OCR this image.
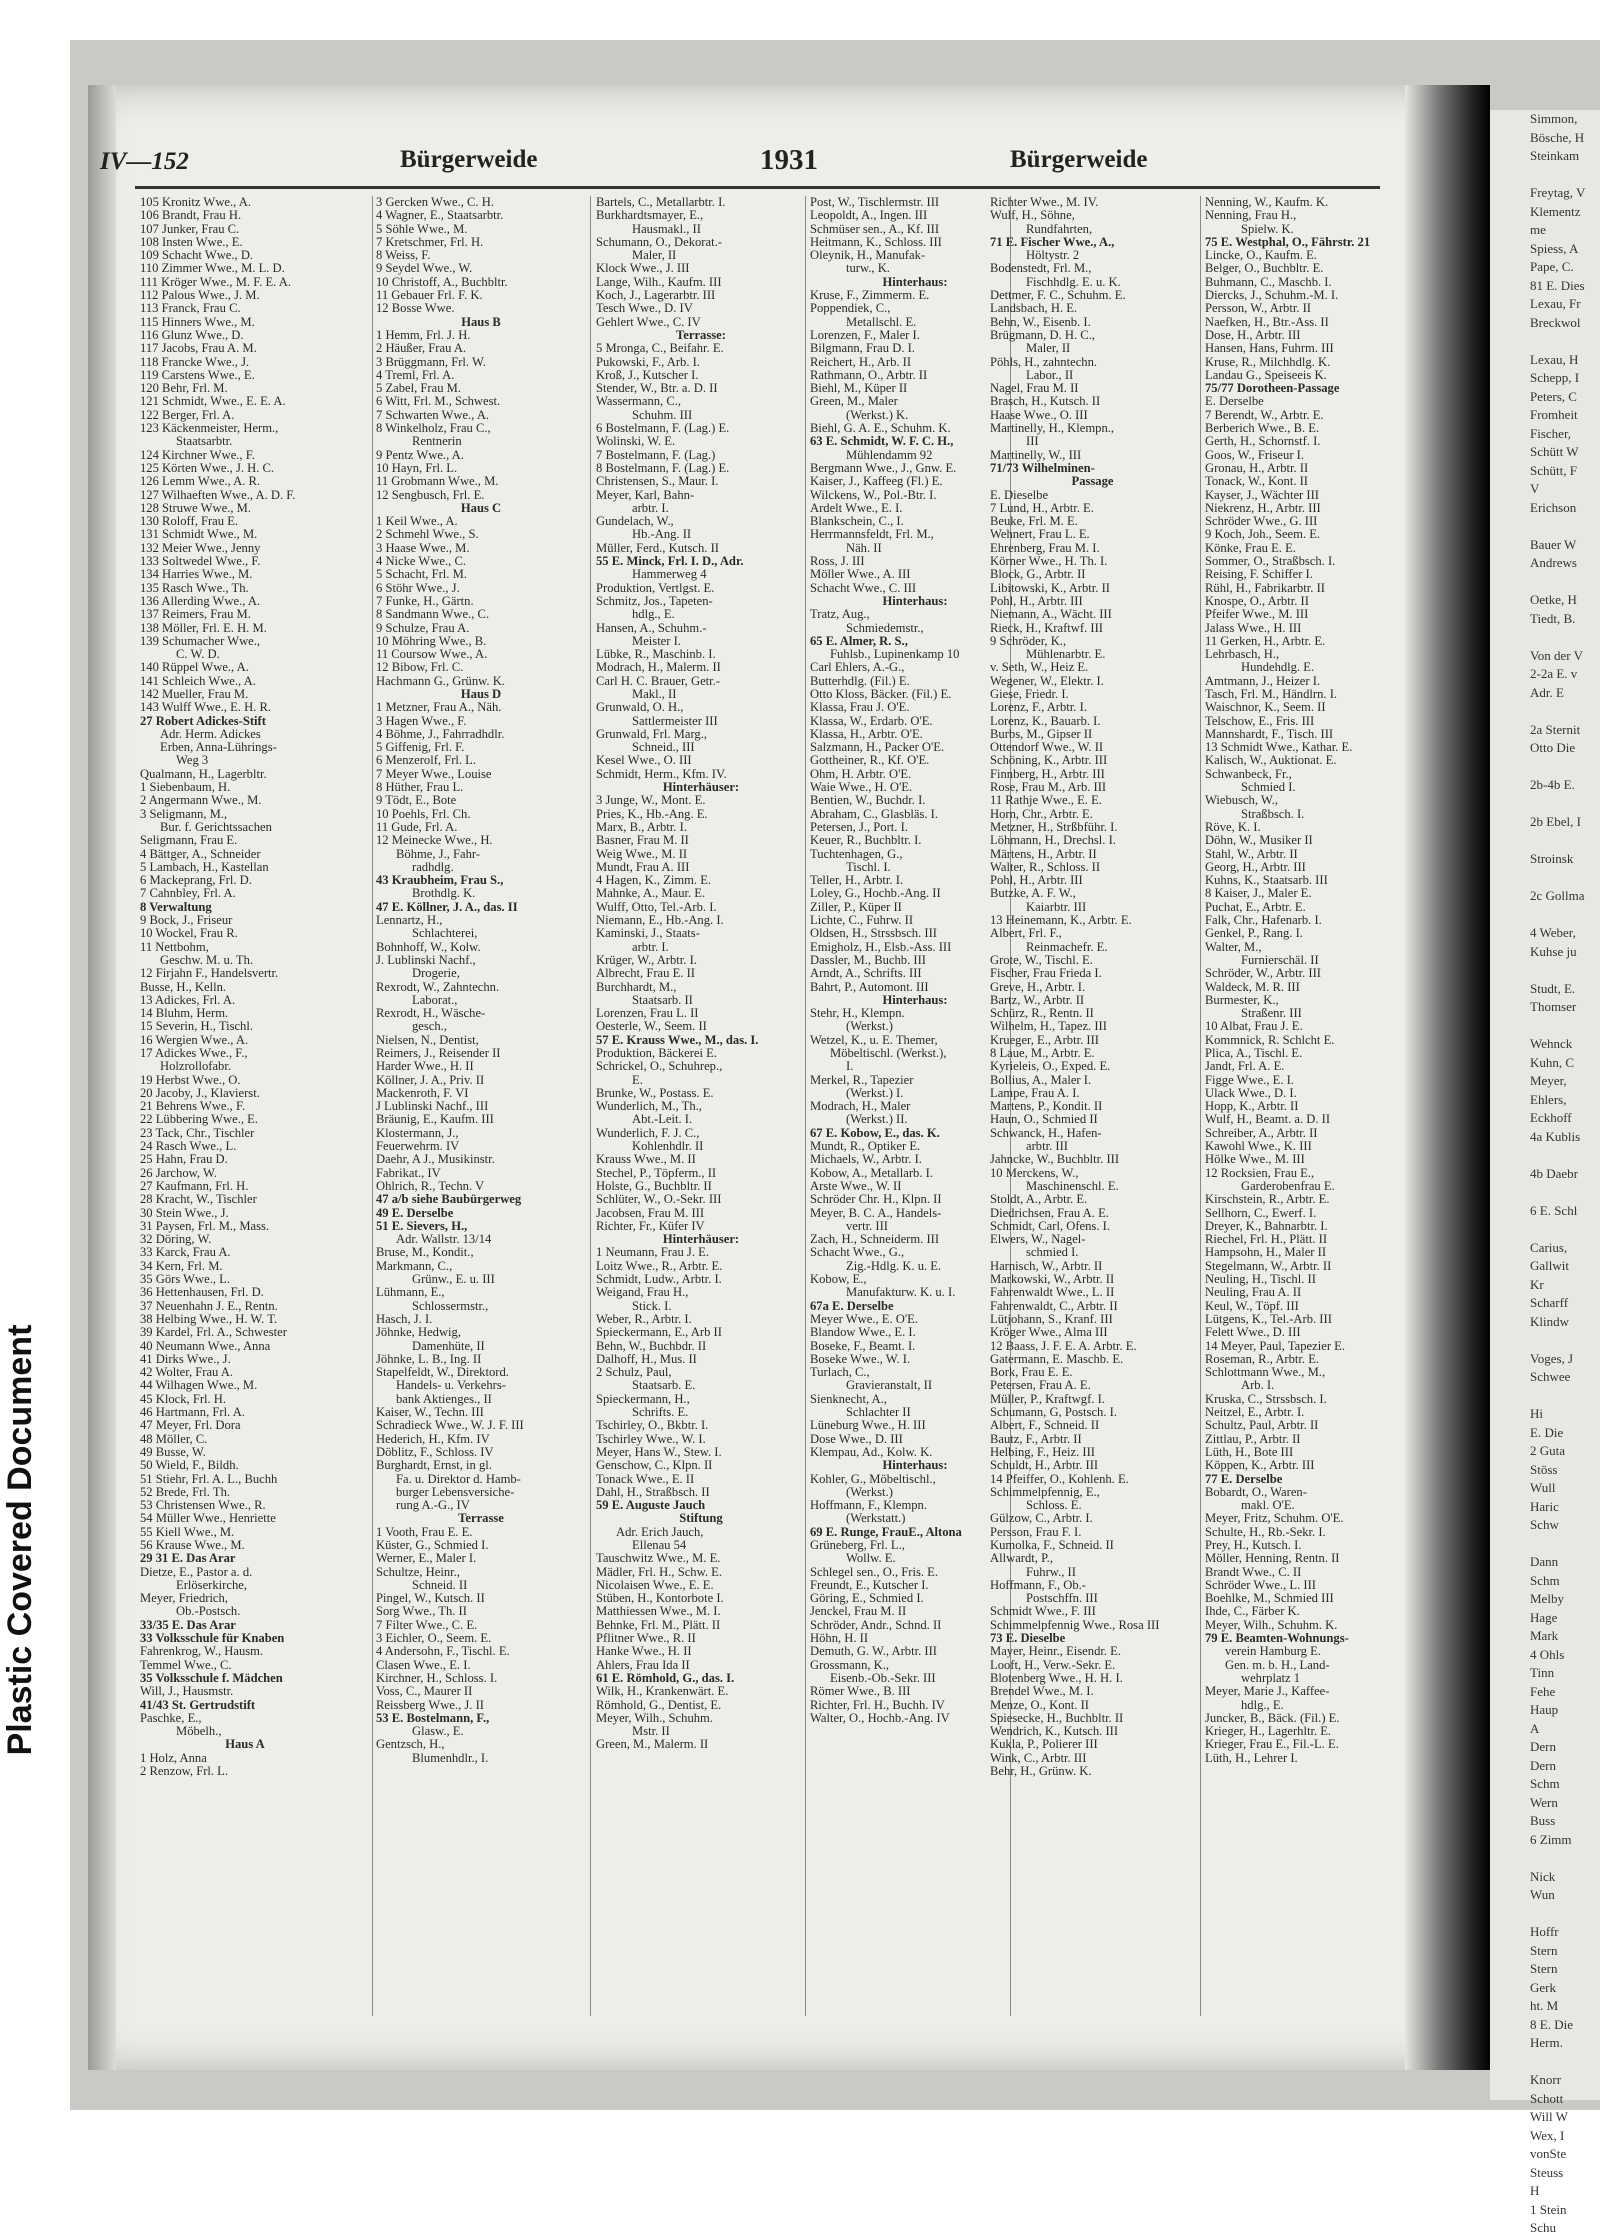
Plastic Covered Document
Simmon,
Bösche, H
Steinkam

Freytag, V
Klementz
me
Spiess, A
Pape, C.
81 E. Dies
Lexau, Fr
Breckwol

Lexau, H
Schepp, I
Peters, C
Fromheit
Fischer,
Schütt W
Schütt, F
V
Erichson

Bauer W
Andrews

Oetke, H
Tiedt, B.

Von der V
2-2a E. v
Adr. E

2a Sternit
Otto Die

2b-4b E.

2b Ebel, I

Stroinsk

2c Gollma

4 Weber,
Kuhse ju

Studt, E.
Thomser

Wehnck
Kuhn, C
Meyer,
Ehlers,
Eckhoff
4a Kublis

4b Daebr

6 E. Schl

Carius,
Gallwit
Kr
Scharff
Klindw

Voges, J
Schwee

Hi
E. Die
2 Guta
Stöss
Wull
Haric
Schw

Dann
Schm
Melby
Hage
Mark
4 Ohls
Tinn
Fehe
Haup
A
Dern
Dern
Schm
Wern
Buss
6 Zimm

Nick
Wun

Hoffr
Stern
Stern
Gerk
ht. M
8 E. Die
Herm.

Knorr
Schott
Will W
Wex, I
vonSte
Steuss
H
1 Stein
Schu
IV—152	Bürgerweide	1931	Bürgerweide
105 Kronitz Wwe., A.
106 Brandt, Frau H.
107 Junker, Frau C.
108 Insten Wwe., E.
109 Schacht Wwe., D.
110 Zimmer Wwe., M. L. D.
111 Kröger Wwe., M. F. E. A.
112 Palous Wwe., J. M.
113 Franck, Frau C.
115 Hinners Wwe., M.
116 Glunz Wwe., D.
117 Jacobs, Frau A. M.
118 Francke Wwe., J.
119 Carstens Wwe., E.
120 Behr, Frl. M.
121 Schmidt, Wwe., E. E. A.
122 Berger, Frl. A.
123 Käckenmeister, Herm.,
Staatsarbtr.
124 Kirchner Wwe., F.
125 Körten Wwe., J. H. C.
126 Lemm Wwe., A. R.
127 Wilhaeften Wwe., A. D. F.
128 Struwe Wwe., M.
130 Roloff, Frau E.
131 Schmidt Wwe., M.
132 Meier Wwe., Jenny
133 Soltwedel Wwe., F.
134 Harries Wwe., M.
135 Rasch Wwe., Th.
136 Allerding Wwe., A.
137 Reimers, Frau M.
138 Möller, Frl. E. H. M.
139 Schumacher Wwe.,
C. W. D.
140 Rüppel Wwe., A.
141 Schleich Wwe., A.
142 Mueller, Frau M.
143 Wulff Wwe., E. H. R.
27 Robert Adickes-Stift
Adr. Herm. Adickes
Erben, Anna-Lührings-
Weg 3
Qualmann, H., Lagerbltr.
1 Siebenbaum, H.
2 Angermann Wwe., M.
3 Seligmann, M.,
Bur. f. Gerichtssachen
Seligmann, Frau E.
4 Bättger, A., Schneider
5 Lambach, H., Kastellan
6 Mackeprang, Frl. D.
7 Cahnbley, Frl. A.
8 Verwaltung
9 Bock, J., Friseur
10 Wockel, Frau R.
11 Nettbohm,
Geschw. M. u. Th.
12 Firjahn F., Handelsvertr.
Busse, H., Kelln.
13 Adickes, Frl. A.
14 Bluhm, Herm.
15 Severin, H., Tischl.
16 Wergien Wwe., A.
17 Adickes Wwe., F.,
Holzrollofabr.
19 Herbst Wwe., O.
20 Jacoby, J., Klavierst.
21 Behrens Wwe., F.
22 Lübbering Wwe., E.
23 Tack, Chr., Tischler
24 Rasch Wwe., L.
25 Hahn, Frau D.
26 Jarchow, W.
27 Kaufmann, Frl. H.
28 Kracht, W., Tischler
30 Stein Wwe., J.
31 Paysen, Frl. M., Mass.
32 Döring, W.
33 Karck, Frau A.
34 Kern, Frl. M.
35 Görs Wwe., L.
36 Hettenhausen, Frl. D.
37 Neuenhahn J. E., Rentn.
38 Helbing Wwe., H. W. T.
39 Kardel, Frl. A., Schwester
40 Neumann Wwe., Anna
41 Dirks Wwe., J.
42 Wolter, Frau A.
44 Wilhagen Wwe., M.
45 Klock, Frl. H.
46 Hartmann, Frl. A.
47 Meyer, Frl. Dora
48 Möller, C.
49 Busse, W.
50 Wield, F., Bildh.
51 Stiehr, Frl. A. L., Buchh
52 Brede, Frl. Th.
53 Christensen Wwe., R.
54 Müller Wwe., Henriette
55 Kiell Wwe., M.
56 Krause Wwe., M.
29 31 E. Das Arar
Dietze, E., Pastor a. d.
Erlöserkirche,
Meyer, Friedrich,
Ob.-Postsch.
33/35 E. Das Arar
33 Volksschule für Knaben
Fahrenkrog, W., Hausm.
Temmel Wwe., C.
35 Volksschule f. Mädchen
Will, J., Hausmstr.
41/43 St. Gertrudstift
Paschke, E.,
Möbelh.,
Haus A
1 Holz, Anna
2 Renzow, Frl. L.
3 Gercken Wwe., C. H.
4 Wagner, E., Staatsarbtr.
5 Söhle Wwe., M.
7 Kretschmer, Frl. H.
8 Weiss, F.
9 Seydel Wwe., W.
10 Christoff, A., Buchbltr.
11 Gebauer Frl. F. K.
12 Bosse Wwe.
Haus B
1 Hemm, Frl. J. H.
2 Häußer, Frau A.
3 Brüggmann, Frl. W.
4 Treml, Frl. A.
5 Zabel, Frau M.
6 Witt, Frl. M., Schwest.
7 Schwarten Wwe., A.
8 Winkelholz, Frau C.,
Rentnerin
9 Pentz Wwe., A.
10 Hayn, Frl. L.
11 Grobmann Wwe., M.
12 Sengbusch, Frl. E.
Haus C
1 Keil Wwe., A.
2 Schmehl Wwe., S.
3 Haase Wwe., M.
4 Nicke Wwe., C.
5 Schacht, Frl. M.
6 Stöhr Wwe., J.
7 Funke, H., Gärtn.
8 Sandmann Wwe., C.
9 Schulze, Frau A.
10 Möhring Wwe., B.
11 Coursow Wwe., A.
12 Bibow, Frl. C.
Hachmann G., Grünw. K.
Haus D
1 Metzner, Frau A., Näh.
3 Hagen Wwe., F.
4 Böhme, J., Fahrradhdlr.
5 Giffenig, Frl. F.
6 Menzerolf, Frl. L.
7 Meyer Wwe., Louise
8 Hüther, Frau L.
9 Tödt, E., Bote
10 Poehls, Frl. Ch.
11 Gude, Frl. A.
12 Meinecke Wwe., H.
Böhme, J., Fahr-
radhdlg.
43 Kraubheim, Frau S.,
Brothdlg. K.
47 E. Köllner, J. A., das. II
Lennartz, H.,
Schlachterei,
Bohnhoff, W., Kolw.
J. Lublinski Nachf.,
Drogerie,
Rexrodt, W., Zahntechn.
Laborat.,
Rexrodt, H., Wäsche-
gesch.,
Nielsen, N., Dentist,
Reimers, J., Reisender II
Harder Wwe., H. II
Köllner, J. A., Priv. II
Mackenroth, F. VI
J Lublinski Nachf., III
Bräunig, E., Kaufm. III
Klostermann, J.,
Feuerwehrm. IV
Daehr, A J., Musikinstr.
Fabrikat., IV
Ohlrich, R., Techn. V
47 a/b siehe Baubürgerweg
49 E. Derselbe
51 E. Sievers, H.,
Adr. Wallstr. 13/14
Bruse, M., Kondit.,
Markmann, C.,
Grünw., E. u. III
Lühmann, E.,
Schlossermstr.,
Hasch, J. I.
Jöhnke, Hedwig,
Damenhüte, II
Jöhnke, L. B., Ing. II
Stapelfeldt, W., Direktord.
Handels- u. Verkehrs-
bank Aktienges., II
Kaiser, W., Techn. III
Schradieck Wwe., W. J. F. III
Hederich, H., Kfm. IV
Döblitz, F., Schloss. IV
Burghardt, Ernst, in gl.
Fa. u. Direktor d. Hamb-
burger Lebensversiche-
rung A.-G., IV
Terrasse
1 Vooth, Frau E. E.
Küster, G., Schmied I.
Werner, E., Maler I.
Schultze, Heinr.,
Schneid. II
Pingel, W., Kutsch. II
Sorg Wwe., Th. II
7 Filter Wwe., C. E.
3 Eichler, O., Seem. E.
4 Andersohn, F., Tischl. E.
Clasen Wwe., E. I.
Kirchner, H., Schloss. I.
Voss, C., Maurer II
Reissberg Wwe., J. II
53 E. Bostelmann, F.,
Glasw., E.
Gentzsch, H.,
Blumenhdlr., I.
Bartels, C., Metallarbtr. I.
Burkhardtsmayer, E.,
Hausmakl., II
Schumann, O., Dekorat.-
Maler, II
Klock Wwe., J. III
Lange, Wilh., Kaufm. III
Koch, J., Lagerarbtr. III
Tesch Wwe., D. IV
Gehlert Wwe., C. IV
Terrasse:
5 Mronga, C., Beifahr. E.
Pukowski, F., Arb. I.
Kroß, J., Kutscher I.
Stender, W., Btr. a. D. II
Wassermann, C.,
Schuhm. III
6 Bostelmann, F. (Lag.) E.
Wolinski, W. E.
7 Bostelmann, F. (Lag.)
8 Bostelmann, F. (Lag.) E.
Christensen, S., Maur. I.
Meyer, Karl, Bahn-
arbtr. I.
Gundelach, W.,
Hb.-Ang. II
Müller, Ferd., Kutsch. II
55 E. Minck, Frl. I. D., Adr.
Hammerweg 4
Produktion, Vertlgst. E.
Schmitz, Jos., Tapeten-
hdlg., E.
Hansen, A., Schuhm.-
Meister I.
Lübke, R., Maschinb. I.
Modrach, H., Malerm. II
Carl H. C. Brauer, Getr.-
Makl., II
Grunwald, O. H.,
Sattlermeister III
Grunwald, Frl. Marg.,
Schneid., III
Kesel Wwe., O. III
Schmidt, Herm., Kfm. IV.
Hinterhäuser:
3 Junge, W., Mont. E.
Pries, K., Hb.-Ang. E.
Marx, B., Arbtr. I.
Basner, Frau M. II
Weig Wwe., M. II
Mundt, Frau A. III
4 Hagen, K., Zimm. E.
Mahnke, A., Maur. E.
Wulff, Otto, Tel.-Arb. I.
Niemann, E., Hb.-Ang. I.
Kaminski, J., Staats-
arbtr. I.
Krüger, W., Arbtr. I.
Albrecht, Frau E. II
Burchhardt, M.,
Staatsarb. II
Lorenzen, Frau L. II
Oesterle, W., Seem. II
57 E. Krauss Wwe., M., das. I.
Produktion, Bäckerei E.
Schrickel, O., Schuhrep.,
E.
Brunke, W., Postass. E.
Wunderlich, M., Th.,
Abt.-Leit. I.
Wunderlich, F. J. C.,
Kohlenhdlr. II
Krauss Wwe., M. II
Stechel, P., Töpferm., II
Holste, G., Buchbltr. II
Schlüter, W., O.-Sekr. III
Jacobsen, Frau M. III
Richter, Fr., Küfer IV
Hinterhäuser:
1 Neumann, Frau J. E.
Loitz Wwe., R., Arbtr. E.
Schmidt, Ludw., Arbtr. I.
Weigand, Frau H.,
Stick. I.
Weber, R., Arbtr. I.
Spieckermann, E., Arb II
Behn, W., Buchbdr. II
Dalhoff, H., Mus. II
2 Schulz, Paul,
Staatsarb. E.
Spieckermann, H.,
Schrifts. E.
Tschirley, O., Bkbtr. I.
Tschirley Wwe., W. I.
Meyer, Hans W., Stew. I.
Genschow, C., Klpn. II
Tonack Wwe., E. II
Dahl, H., Straßbsch. II
59 E. Auguste Jauch
Stiftung
Adr. Erich Jauch,
Ellenau 54
Tauschwitz Wwe., M. E.
Mädler, Frl. H., Schw. E.
Nicolaisen Wwe., E. E.
Stüben, H., Kontorbote I.
Matthiessen Wwe., M. I.
Behnke, Frl. M., Plätt. II
Pflitner Wwe., R. II
Hanke Wwe., H. II
Ahlers, Frau Ida II
61 E. Römhold, G., das. I.
Wilk, H., Krankenwärt. E.
Römhold, G., Dentist, E.
Meyer, Wilh., Schuhm.
Mstr. II
Green, M., Malerm. II
Post, W., Tischlermstr. III
Leopoldt, A., Ingen. III
Schmüser sen., A., Kf. III
Heitmann, K., Schloss. III
Oleynik, H., Manufak-
turw., K.
Hinterhaus:
Kruse, F., Zimmerm. E.
Poppendiek, C.,
Metallschl. E.
Lorenzen, F., Maler I.
Bilgmann, Frau D. I.
Reichert, H., Arb. II
Rathmann, O., Arbtr. II
Biehl, M., Küper II
Green, M., Maler
(Werkst.) K.
Biehl, G. A. E., Schuhm. K.
63 E. Schmidt, W. F. C. H.,
Mühlendamm 92
Bergmann Wwe., J., Gnw. E.
Kaiser, J., Kaffeeg (Fl.) E.
Wilckens, W., Pol.-Btr. I.
Ardelt Wwe., E. I.
Blankschein, C., I.
Herrmannsfeldt, Frl. M.,
Näh. II
Ross, J. III
Möller Wwe., A. III
Schacht Wwe., C. III
Hinterhaus:
Tratz, Aug.,
Schmiedemstr.,
65 E. Almer, R. S.,
Fuhlsb., Lupinenkamp 10
Carl Ehlers, A.-G.,
Butterhdlg. (Fil.) E.
Otto Kloss, Bäcker. (Fil.) E.
Klassa, Frau J. O'E.
Klassa, W., Erdarb. O'E.
Klassa, H., Arbtr. O'E.
Salzmann, H., Packer O'E.
Gottheiner, R., Kf. O'E.
Ohm, H. Arbtr. O'E.
Waie Wwe., H. O'E.
Bentien, W., Buchdr. I.
Abraham, C., Glasbläs. I.
Petersen, J., Port. I.
Keuer, R., Buchbltr. I.
Tuchtenhagen, G.,
Tischl. I.
Teller, H., Arbtr. I.
Loley, G., Hochb.-Ang. II
Ziller, P., Küper II
Lichte, C., Fuhrw. II
Oldsen, H., Strssbsch. III
Emigholz, H., Elsb.-Ass. III
Dassler, M., Buchb. III
Arndt, A., Schrifts. III
Bahrt, P., Automont. III
Hinterhaus:
Stehr, H., Klempn.
(Werkst.)
Wetzel, K., u. E. Themer,
Möbeltischl. (Werkst.),
I.
Merkel, R., Tapezier
(Werkst.) I.
Modrach, H., Maler
(Werkst.) II.
67 E. Kobow, E., das. K.
Mundt, R., Optiker E.
Michaels, W., Arbtr. I.
Kobow, A., Metallarb. I.
Arste Wwe., W. II
Schröder Chr. H., Klpn. II
Meyer, B. C. A., Handels-
vertr. III
Zach, H., Schneiderm. III
Schacht Wwe., G.,
Zig.-Hdlg. K. u. E.
Kobow, E.,
Manufakturw. K. u. I.
67a E. Derselbe
Meyer Wwe., E. O'E.
Blandow Wwe., E. I.
Boseke, F., Beamt. I.
Boseke Wwe., W. I.
Turlach, C.,
Gravieranstalt, II
Sienknecht, A.,
Schlachter II
Lüneburg Wwe., H. III
Dose Wwe., D. III
Klempau, Ad., Kolw. K.
Hinterhaus:
Kohler, G., Möbeltischl.,
(Werkst.)
Hoffmann, F., Klempn.
(Werkstatt.)
69 E. Runge, FrauE., Altona
Grüneberg, Frl. L.,
Wollw. E.
Schlegel sen., O., Fris. E.
Freundt, E., Kutscher I.
Göring, E., Schmied I.
Jenckel, Frau M. II
Schröder, Andr., Schnd. II
Höhn, H. II
Demuth, G. W., Arbtr. III
Grossmann, K.,
Eisenb.-Ob.-Sekr. III
Römer Wwe., B. III
Richter, Frl. H., Buchh. IV
Walter, O., Hochb.-Ang. IV
Richter Wwe., M. IV.
Wulf, H., Söhne,
Rundfahrten,
71 E. Fischer Wwe., A.,
Höltystr. 2
Bodenstedt, Frl. M.,
Fischhdlg. E. u. K.
Dettmer, F. C., Schuhm. E.
Landsbach, H. E.
Behn, W., Eisenb. I.
Brügmann, D. H. C.,
Maler, II
Pöhls, H., zahntechn.
Labor., II
Nagel, Frau M. II
Brasch, H., Kutsch. II
Haase Wwe., O. III
Martinelly, H., Klempn.,
III
Martinelly, W., III
71/73 Wilhelminen-
Passage
E. Dieselbe
7 Lund, H., Arbtr. E.
Beuke, Frl. M. E.
Wehnert, Frau L. E.
Ehrenberg, Frau M. I.
Körner Wwe., H. Th. I.
Block, G., Arbtr. II
Libitowski, K., Arbtr. II
Pohl, H., Arbtr. III
Niemann, A., Wächt. III
Rieck, H., Kraftwf. III
9 Schröder, K.,
Mühlenarbtr. E.
v. Seth, W., Heiz E.
Wegener, W., Elektr. I.
Giese, Friedr. I.
Lorenz, F., Arbtr. I.
Lorenz, K., Bauarb. I.
Burbs, M., Gipser II
Ottendorf Wwe., W. II
Schöning, K., Arbtr. III
Finnberg, H., Arbtr. III
Rose, Frau M., Arb. III
11 Rathje Wwe., E. E.
Horn, Chr., Arbtr. E.
Metzner, H., Strßbführ. I.
Löhmann, H., Drechsl. I.
Märtens, H., Arbtr. II
Walter, R., Schloss. II
Pohl, H., Arbtr. III
Butzke, A. F. W.,
Kaiarbtr. III
13 Heinemann, K., Arbtr. E.
Albert, Frl. F.,
Reinmachefr. E.
Grote, W., Tischl. E.
Fischer, Frau Frieda I.
Greve, H., Arbtr. I.
Bartz, W., Arbtr. II
Schürz, R., Rentn. II
Wilhelm, H., Tapez. III
Krueger, E., Arbtr. III
8 Laue, M., Arbtr. E.
Kyrieleis, O., Exped. E.
Bollius, A., Maler I.
Lampe, Frau A. I.
Martens, P., Kondit. II
Haun, O., Schmied II
Schwanck, H., Hafen-
arbtr. III
Jahncke, W., Buchbltr. III
10 Merckens, W.,
Maschinenschl. E.
Stoldt, A., Arbtr. E.
Diedrichsen, Frau A. E.
Schmidt, Carl, Ofens. I.
Elwers, W., Nagel-
schmied I.
Harnisch, W., Arbtr. II
Markowski, W., Arbtr. II
Fahrenwaldt Wwe., L. II
Fahrenwaldt, C., Arbtr. II
Lütjohann, S., Kranf. III
Kröger Wwe., Alma III
12 Baass, J. F. E. A. Arbtr. E.
Gatermann, E. Maschb. E.
Bork, Frau E. E.
Petersen, Frau A. E.
Müller, P., Kraftwgf. I.
Schumann, G, Postsch. I.
Albert, F., Schneid. II
Bautz, F., Arbtr. II
Helbing, F., Heiz. III
Schuldt, H., Arbtr. III
14 Pfeiffer, O., Kohlenh. E.
Schimmelpfennig, E.,
Schloss. E.
Gülzow, C., Arbtr. I.
Persson, Frau F. I.
Kumolka, F., Schneid. II
Allwardt, P.,
Fuhrw., II
Hoffmann, F., Ob.-
Postschffn. III
Schmidt Wwe., F. III
Schimmelpfennig Wwe., Rosa III
73 E. Dieselbe
Mayer, Heinr., Eisendr. E.
Looft, H., Verw.-Sekr. E.
Blotenberg Wwe., H. H. I.
Brendel Wwe., M. I.
Menze, O., Kont. II
Spiesecke, H., Buchbltr. II
Wendrich, K., Kutsch. III
Kukla, P., Polierer III
Wink, C., Arbtr. III
Behr, H., Grünw. K.
Nenning, W., Kaufm. K.
Nenning, Frau H.,
Spielw. K.
75 E. Westphal, O., Fährstr. 21
Lincke, O., Kaufm. E.
Belger, O., Buchbltr. E.
Buhmann, C., Maschb. I.
Diercks, J., Schuhm.-M. I.
Persson, W., Arbtr. II
Naefken, H., Btr.-Ass. II
Dose, H., Arbtr. III
Hansen, Hans, Fuhrm. III
Kruse, R., Milchhdlg. K.
Landau G., Speiseeis K.
75/77 Dorotheen-Passage
E. Derselbe
7 Berendt, W., Arbtr. E.
Berberich Wwe., B. E.
Gerth, H., Schornstf. I.
Goos, W., Friseur I.
Gronau, H., Arbtr. II
Tonack, W., Kont. II
Kayser, J., Wächter III
Niekrenz, H., Arbtr. III
Schröder Wwe., G. III
9 Koch, Joh., Seem. E.
Könke, Frau E. E.
Sommer, O., Straßbsch. I.
Reising, F. Schiffer I.
Rühl, H., Fabrikarbtr. II
Knospe, O., Arbtr. II
Pfeifer Wwe., M. III
Jalass Wwe., H. III
11 Gerken, H., Arbtr. E.
Lehrbasch, H.,
Hundehdlg. E.
Amtmann, J., Heizer I.
Tasch, Frl. M., Händlrn. I.
Waischnor, K., Seem. II
Telschow, E., Fris. III
Mannshardt, F., Tisch. III
13 Schmidt Wwe., Kathar. E.
Kalisch, W., Auktionat. E.
Schwanbeck, Fr.,
Schmied I.
Wiebusch, W.,
Straßbsch. I.
Röve, K. I.
Döhn, W., Musiker II
Stahl, W., Arbtr. II
Georg, H., Arbtr. III
Kuhns, K., Staatsarb. III
8 Kaiser, J., Maler E.
Puchat, E., Arbtr. E.
Falk, Chr., Hafenarb. I.
Genkel, P., Rang. I.
Walter, M.,
Furnierschäl. II
Schröder, W., Arbtr. III
Waldeck, M. R. III
Burmester, K.,
Straßenr. III
10 Albat, Frau J. E.
Kommnick, R. Schlcht E.
Plica, A., Tischl. E.
Jandt, Frl. A. E.
Figge Wwe., E. I.
Ulack Wwe., D. I.
Hopp, K., Arbtr. II
Wulf, H., Beamt. a. D. II
Schreiber, A., Arbtr. II
Kawohl Wwe., K. III
Hölke Wwe., M. III
12 Rocksien, Frau E.,
Garderobenfrau E.
Kirschstein, R., Arbtr. E.
Sellhorn, C., Ewerf. I.
Dreyer, K., Bahnarbtr. I.
Riechel, Frl. H., Plätt. II
Hampsohn, H., Maler II
Stegelmann, W., Arbtr. II
Neuling, H., Tischl. II
Neuling, Frau A. II
Keul, W., Töpf. III
Lütgens, K., Tel.-Arb. III
Felett Wwe., D. III
14 Meyer, Paul, Tapezier E.
Roseman, R., Arbtr. E.
Schlottmann Wwe., M.,
Arb. I.
Kruska, C., Strssbsch. I.
Neitzel, E., Arbtr. I.
Schultz, Paul, Arbtr. II
Zittlau, P., Arbtr. II
Lüth, H., Bote III
Köppen, K., Arbtr. III
77 E. Derselbe
Bobardt, O., Waren-
makl. O'E.
Meyer, Fritz, Schuhm. O'E.
Schulte, H., Rb.-Sekr. I.
Prey, H., Kutsch. I.
Möller, Henning, Rentn. II
Brandt Wwe., C. II
Schröder Wwe., L. III
Boehlke, M., Schmied III
Ihde, C., Färber K.
Meyer, Wilh., Schuhm. K.
79 E. Beamten-Wohnungs-
verein Hamburg E.
Gen. m. b. H., Land-
wehrplatz 1
Meyer, Marie J., Kaffee-
hdlg., E.
Juncker, B., Bäck. (Fil.) E.
Krieger, H., Lagerhltr. E.
Krieger, Frau E., Fil.-L. E.
Lüth, H., Lehrer I.
